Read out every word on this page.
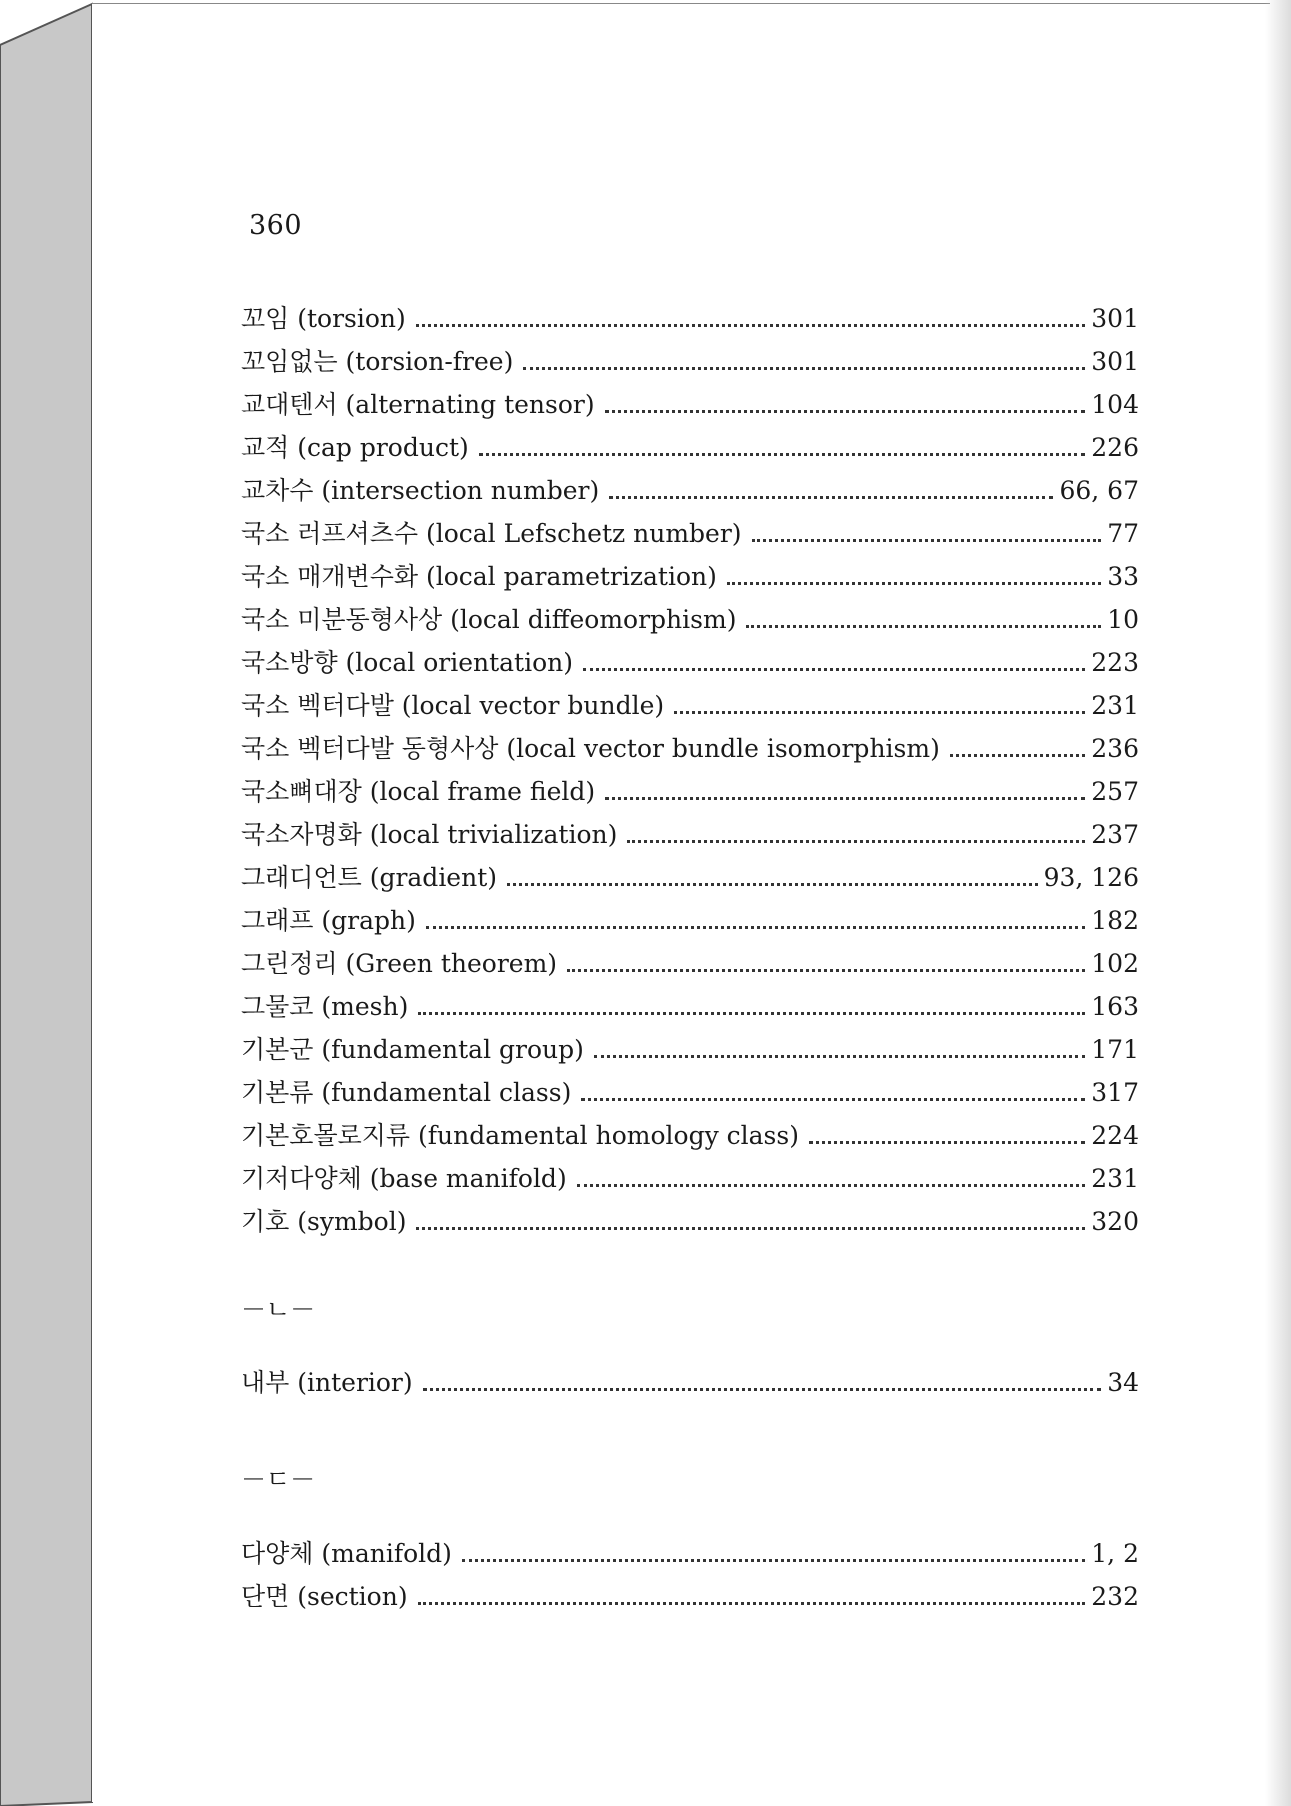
360
꼬임 (torsion)	301
꼬임없는 (torsion-free)	301
교대텐서 (alternating tensor)	104
교적 (cap product)	226
교차수 (intersection number)	66, 67
국소 러프셔츠수 (local Lefschetz number)	77
국소 매개변수화 (local parametrization)	33
국소 미분동형사상 (local diffeomorphism)	10
국소방향 (local orientation)	223
국소 벡터다발 (local vector bundle)	231
국소 벡터다발 동형사상 (local vector bundle isomorphism)	236
국소뼈대장 (local frame field)	257
국소자명화 (local trivialization)	237
그래디언트 (gradient)	93, 126
그래프 (graph)	182
그린정리 (Green theorem)	102
그물코 (mesh)	163
기본군 (fundamental group)	171
기본류 (fundamental class)	317
기본호몰로지류 (fundamental homology class)	224
기저다양체 (base manifold)	231
기호 (symbol)	320
－ㄴ－
내부 (interior)	34
－ㄷ－
다양체 (manifold)	1, 2
단면 (section)	232
